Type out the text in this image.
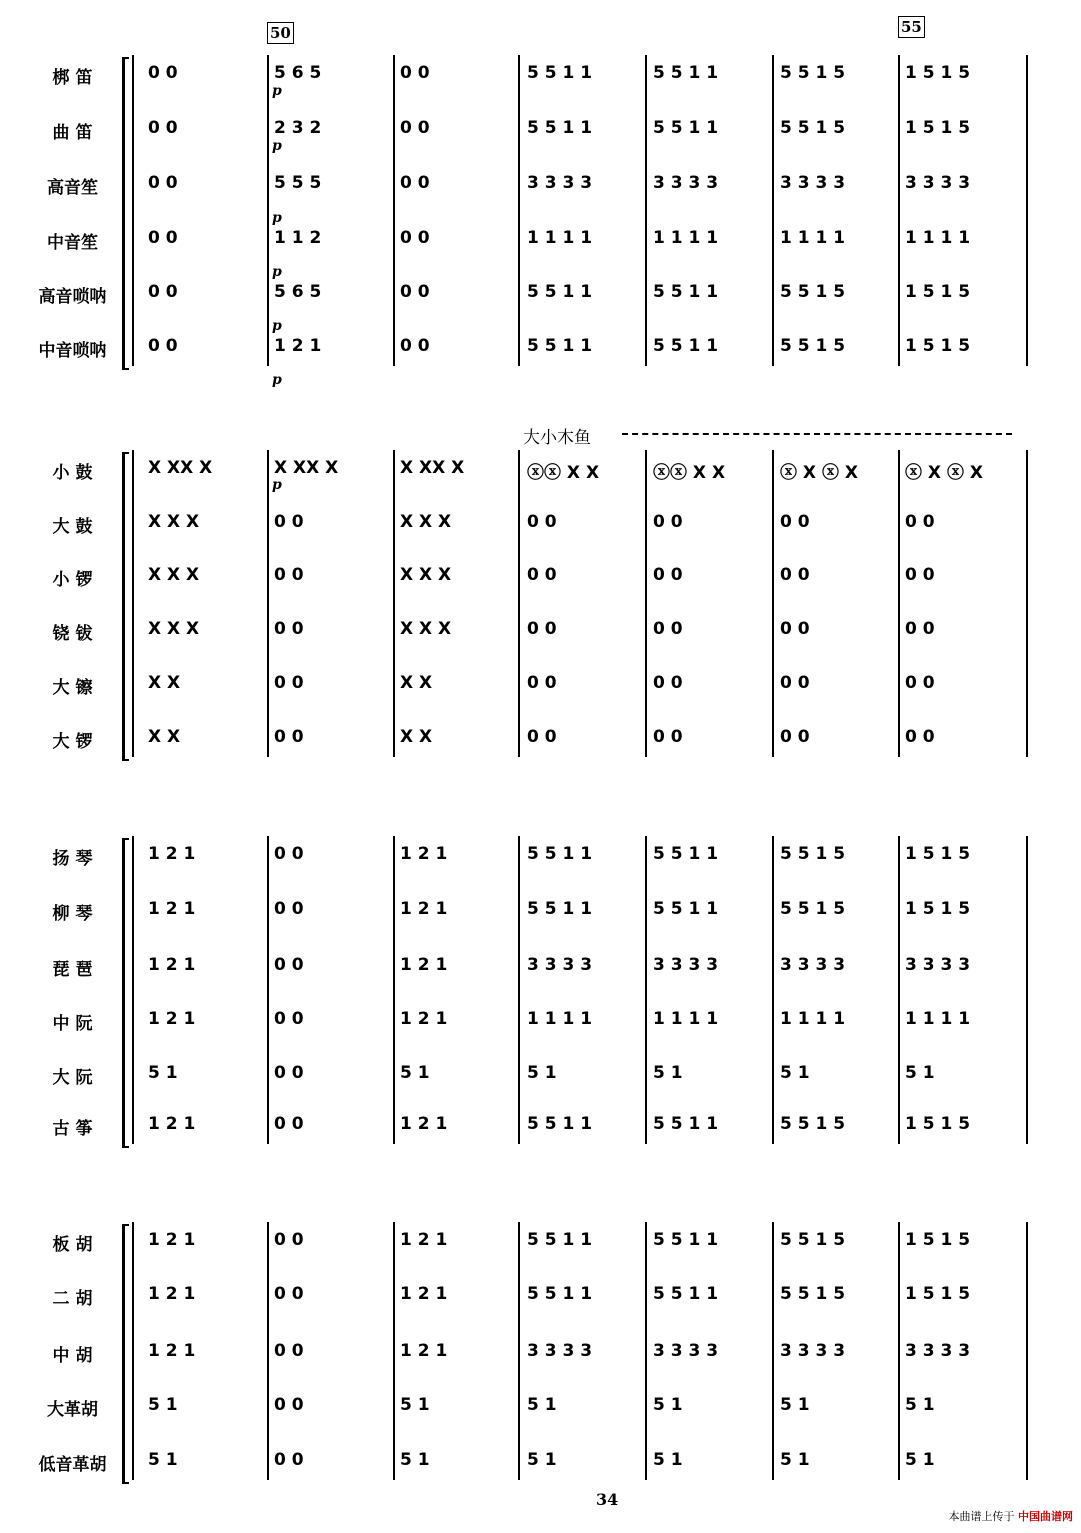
梆 笛	0 0	5 6 5	0 0	5 5 1 1	5 5 1 1	5 5 1 5	1 5 1 5
曲 笛	0 0	2 3 2	0 0	5 5 1 1	5 5 1 1	5 5 1 5	1 5 1 5
高音笙	0 0	5 5 5	0 0	3 3 3 3	3 3 3 3	3 3 3 3	3 3 3 3
中音笙	0 0	1 1 2	0 0	1 1 1 1	1 1 1 1	1 1 1 1	1 1 1 1
高音唢呐	0 0	5 6 5	0 0	5 5 1 1	5 5 1 1	5 5 1 5	1 5 1 5
中音唢呐	0 0	1 2 1	0 0	5 5 1 1	5 5 1 1	5 5 1 5	1 5 1 5
小 鼓	X XX X	X XX X	X XX X	ⓧⓧ X X	ⓧⓧ X X	ⓧ X ⓧ X	ⓧ X ⓧ X
大 鼓	X X X	0 0	X X X	0 0	0 0	0 0	0 0
小 锣	X X X	0 0	X X X	0 0	0 0	0 0	0 0
铙 钹	X X X	0 0	X X X	0 0	0 0	0 0	0 0
大 镲	X X	0 0	X X	0 0	0 0	0 0	0 0
大 锣	X X	0 0	X X	0 0	0 0	0 0	0 0
扬 琴	1 2 1	0 0	1 2 1	5 5 1 1	5 5 1 1	5 5 1 5	1 5 1 5
柳 琴	1 2 1	0 0	1 2 1	5 5 1 1	5 5 1 1	5 5 1 5	1 5 1 5
琵 琶	1 2 1	0 0	1 2 1	3 3 3 3	3 3 3 3	3 3 3 3	3 3 3 3
中 阮	1 2 1	0 0	1 2 1	1 1 1 1	1 1 1 1	1 1 1 1	1 1 1 1
大 阮	5 1	0 0	5 1	5 1	5 1	5 1	5 1
古 筝	1 2 1	0 0	1 2 1	5 5 1 1	5 5 1 1	5 5 1 5	1 5 1 5
板 胡	1 2 1	0 0	1 2 1	5 5 1 1	5 5 1 1	5 5 1 5	1 5 1 5
二 胡	1 2 1	0 0	1 2 1	5 5 1 1	5 5 1 1	5 5 1 5	1 5 1 5
中 胡	1 2 1	0 0	1 2 1	3 3 3 3	3 3 3 3	3 3 3 3	3 3 3 3
大革胡	5 1	0 0	5 1	5 1	5 1	5 1	5 1
低音革胡	5 1	0 0	5 1	5 1	5 1	5 1	5 1
p
p
p
p
p
p
p
50	55
大小木鱼
34
本曲谱上传于 中国曲谱网
